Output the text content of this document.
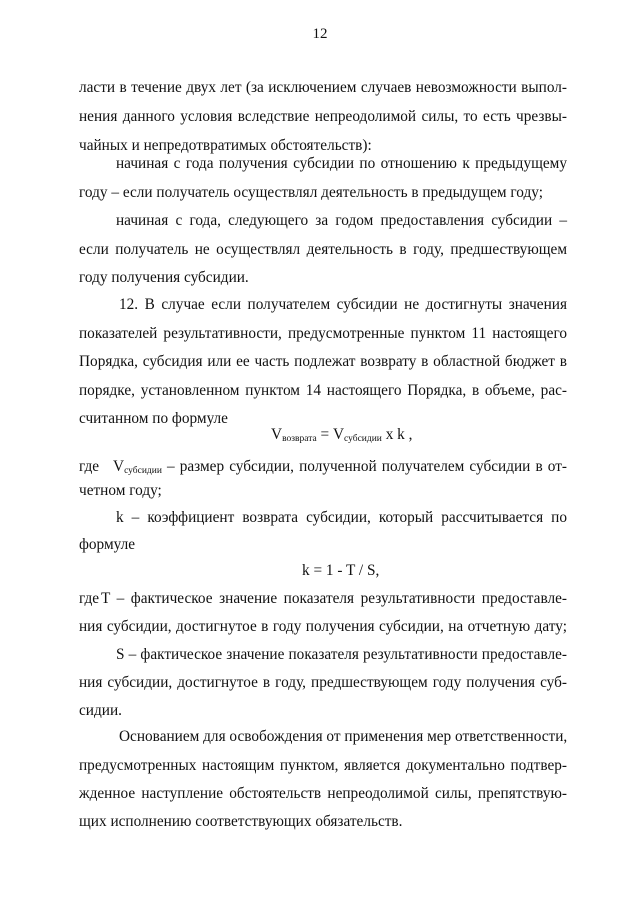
12
ласти в течение двух лет (за исключением случаев невозможности выпол-
нения данного условия вследствие непреодолимой силы, то есть чрезвы-
чайных и непредотвратимых обстоятельств):
начиная с года получения субсидии по отношению к предыдущему
году – если получатель осуществлял деятельность в предыдущем году;
начиная с года, следующего за годом предоставления субсидии –
если получатель не осуществлял деятельность в году, предшествующем
году получения субсидии.
12. В случае если получателем субсидии не достигнуты значения
показателей результативности, предусмотренные пунктом 11 настоящего
Порядка, субсидия или ее часть подлежат возврату в областной бюджет в
порядке, установленном пунктом 14 настоящего Порядка, в объеме, рас-
считанном по формуле
$V_{возврата} = V_{субсидии}$ x k ,
где $V_{субсидии}$ – размер субсидии, полученной получателем субсидии в от-
четном году;
k – коэффициент возврата субсидии, который рассчитывается по
формуле
k = 1 - T / S,
где T – фактическое значение показателя результативности предоставле-
ния субсидии, достигнутое в году получения субсидии, на отчетную дату;
S – фактическое значение показателя результативности предоставле-
ния субсидии, достигнутое в году, предшествующем году получения суб-
сидии.
Основанием для освобождения от применения мер ответственности,
предусмотренных настоящим пунктом, является документально подтвер-
жденное наступление обстоятельств непреодолимой силы, препятствую-
щих исполнению соответствующих обязательств.
